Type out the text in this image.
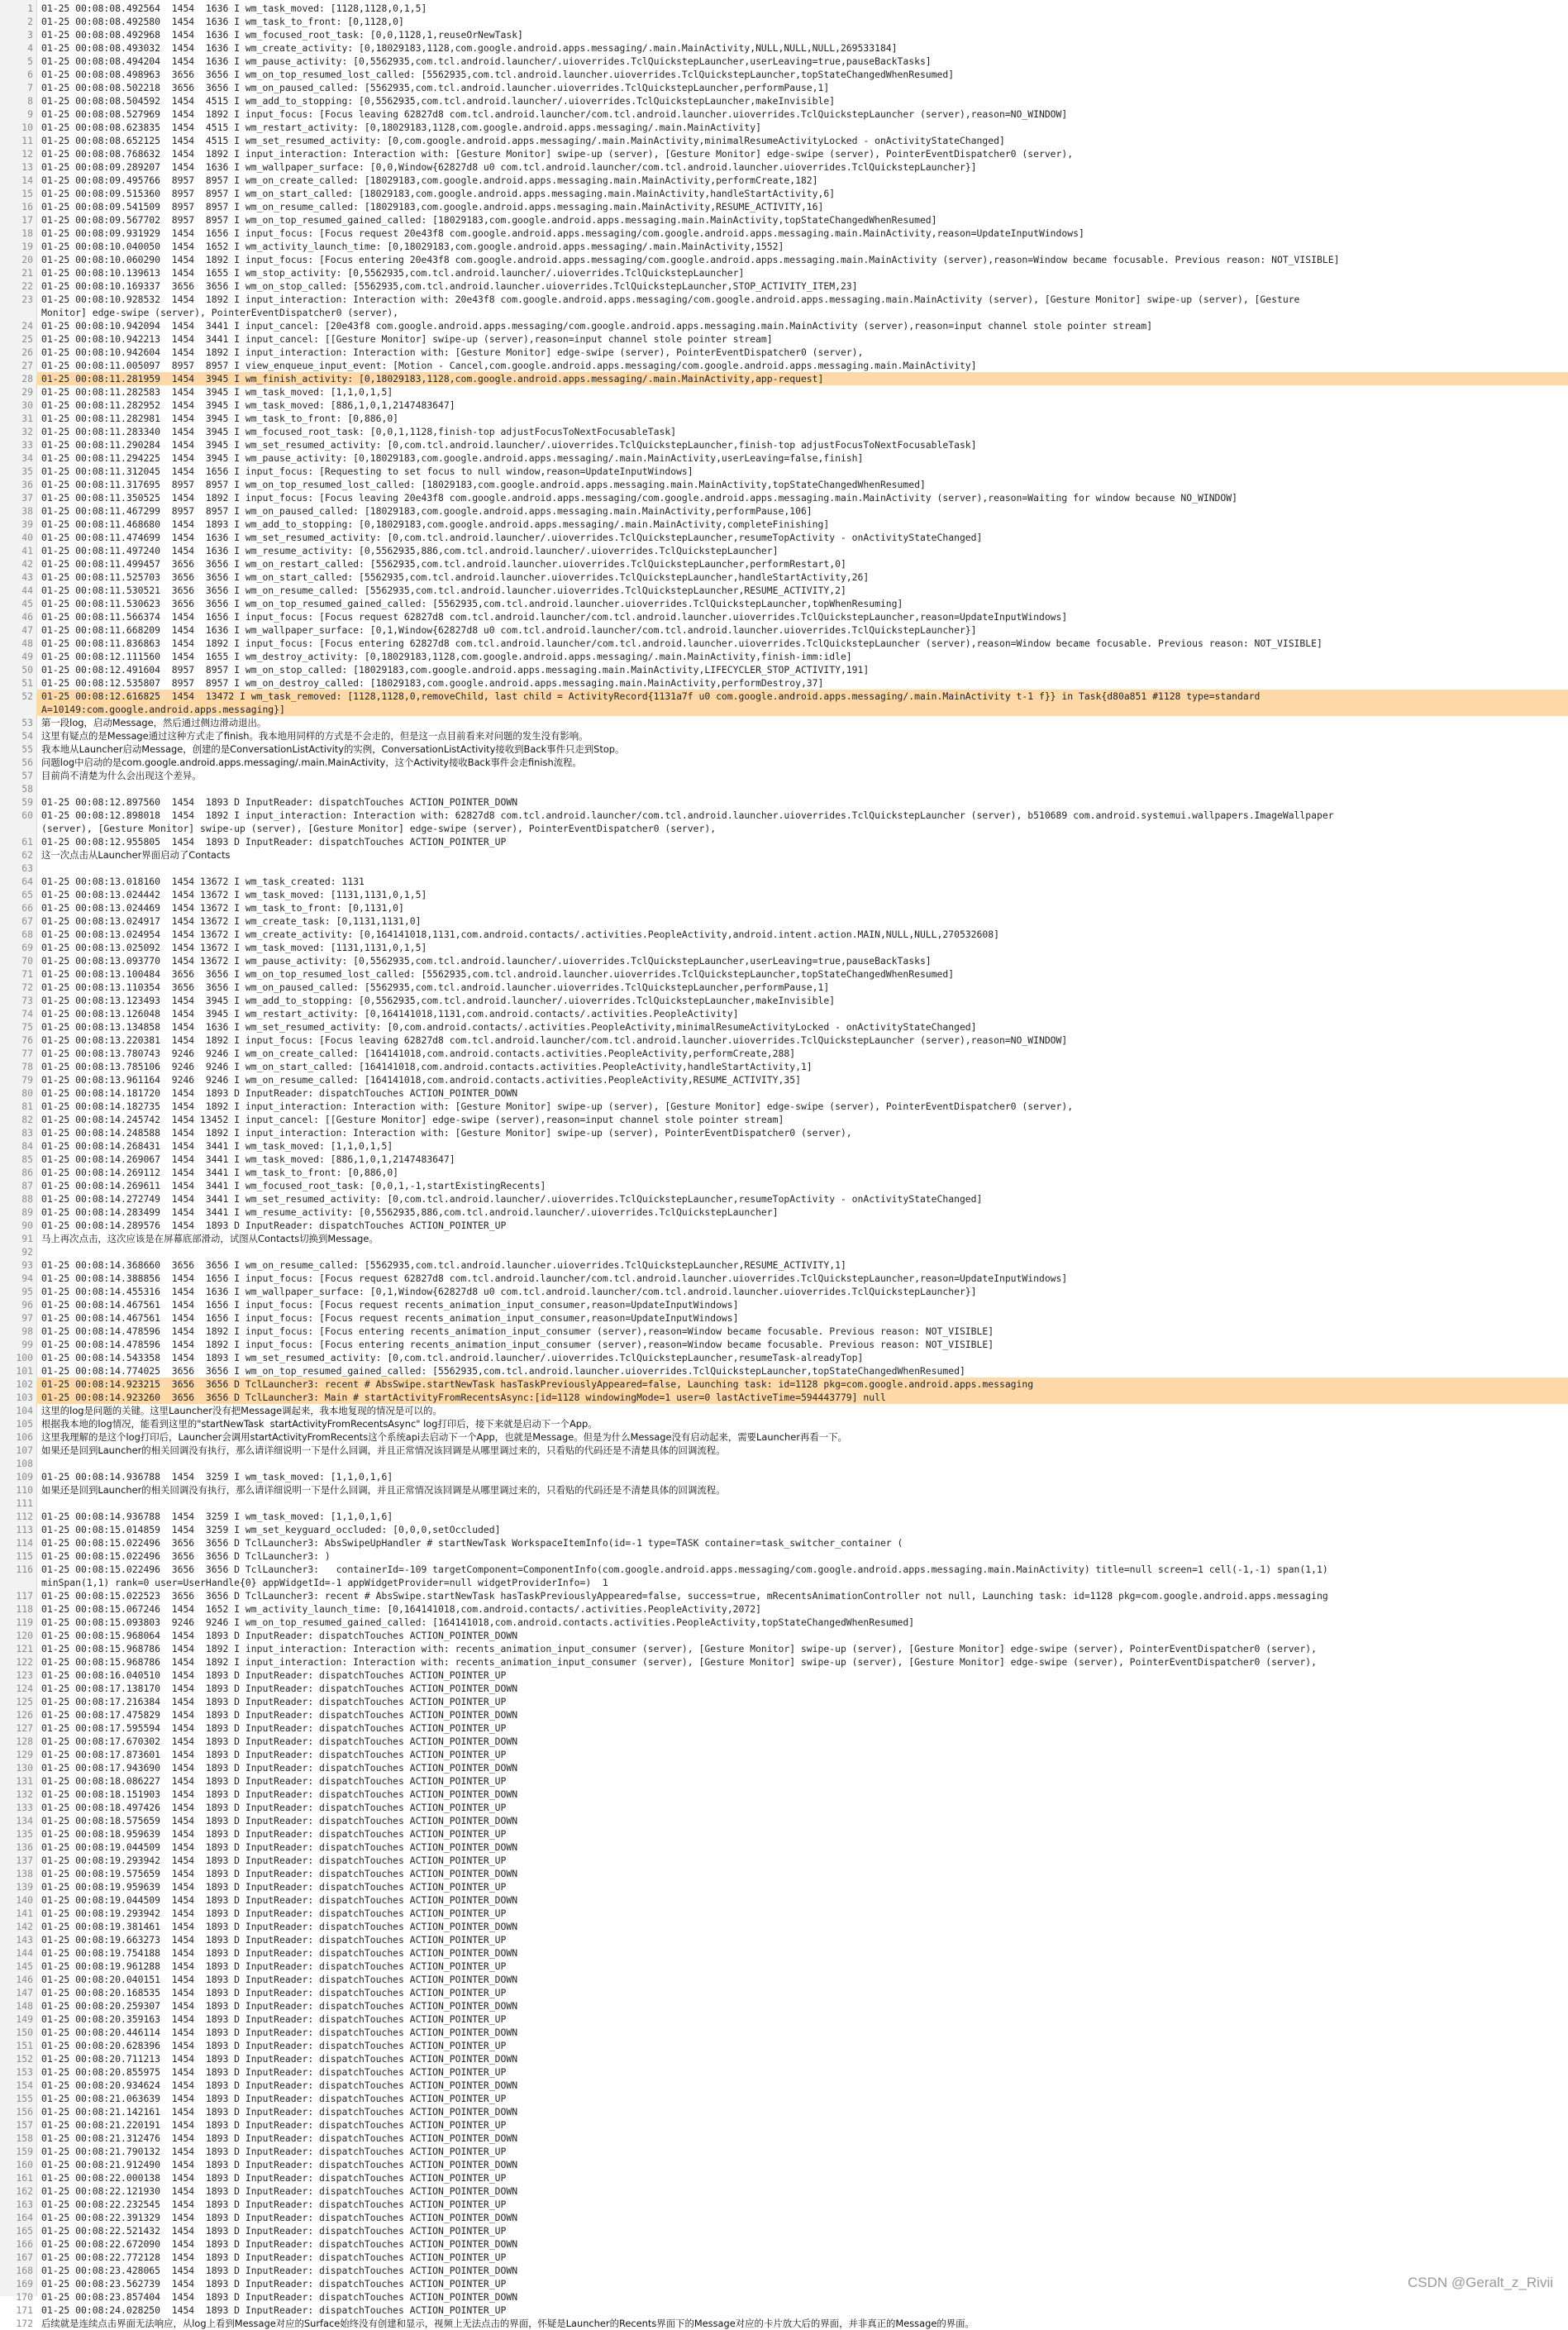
1 01-25 00:08:08.492564  1454  1636 I wm_task_moved: [1128,1128,0,1,5]
2 01-25 00:08:08.492580  1454  1636 I wm_task_to_front: [0,1128,0]
3 01-25 00:08:08.492968  1454  1636 I wm_focused_root_task: [0,0,1128,1,reuseOrNewTask]
4 01-25 00:08:08.493032  1454  1636 I wm_create_activity: [0,18029183,1128,com.google.android.apps.messaging/.main.MainActivity,NULL,NULL,NULL,269533184]
5 01-25 00:08:08.494204  1454  1636 I wm_pause_activity: [0,5562935,com.tcl.android.launcher/.uioverrides.TclQuickstepLauncher,userLeaving=true,pauseBackTasks]
6 01-25 00:08:08.498963  3656  3656 I wm_on_top_resumed_lost_called: [5562935,com.tcl.android.launcher.uioverrides.TclQuickstepLauncher,topStateChangedWhenResumed]
7 01-25 00:08:08.502218  3656  3656 I wm_on_paused_called: [5562935,com.tcl.android.launcher.uioverrides.TclQuickstepLauncher,performPause,1]
8 01-25 00:08:08.504592  1454  4515 I wm_add_to_stopping: [0,5562935,com.tcl.android.launcher/.uioverrides.TclQuickstepLauncher,makeInvisible]
9 01-25 00:08:08.527969  1454  1892 I input_focus: [Focus leaving 62827d8 com.tcl.android.launcher/com.tcl.android.launcher.uioverrides.TclQuickstepLauncher (server),reason=NO_WINDOW]
10 01-25 00:08:08.623835  1454  4515 I wm_restart_activity: [0,18029183,1128,com.google.android.apps.messaging/.main.MainActivity]
11 01-25 00:08:08.652125  1454  4515 I wm_set_resumed_activity: [0,com.google.android.apps.messaging/.main.MainActivity,minimalResumeActivityLocked - onActivityStateChanged]
12 01-25 00:08:08.768632  1454  1892 I input_interaction: Interaction with: [Gesture Monitor] swipe-up (server), [Gesture Monitor] edge-swipe (server), PointerEventDispatcher0 (server),
13 01-25 00:08:09.289207  1454  1636 I wm_wallpaper_surface: [0,0,Window{62827d8 u0 com.tcl.android.launcher/com.tcl.android.launcher.uioverrides.TclQuickstepLauncher}]
14 01-25 00:08:09.495766  8957  8957 I wm_on_create_called: [18029183,com.google.android.apps.messaging.main.MainActivity,performCreate,182]
15 01-25 00:08:09.515360  8957  8957 I wm_on_start_called: [18029183,com.google.android.apps.messaging.main.MainActivity,handleStartActivity,6]
16 01-25 00:08:09.541509  8957  8957 I wm_on_resume_called: [18029183,com.google.android.apps.messaging.main.MainActivity,RESUME_ACTIVITY,16]
17 01-25 00:08:09.567702  8957  8957 I wm_on_top_resumed_gained_called: [18029183,com.google.android.apps.messaging.main.MainActivity,topStateChangedWhenResumed]
18 01-25 00:08:09.931929  1454  1656 I input_focus: [Focus request 20e43f8 com.google.android.apps.messaging/com.google.android.apps.messaging.main.MainActivity,reason=UpdateInputWindows]
19 01-25 00:08:10.040050  1454  1652 I wm_activity_launch_time: [0,18029183,com.google.android.apps.messaging/.main.MainActivity,1552]
20 01-25 00:08:10.060290  1454  1892 I input_focus: [Focus entering 20e43f8 com.google.android.apps.messaging/com.google.android.apps.messaging.main.MainActivity (server),reason=Window became focusable. Previous reason: NOT_VISIBLE]
21 01-25 00:08:10.139613  1454  1655 I wm_stop_activity: [0,5562935,com.tcl.android.launcher/.uioverrides.TclQuickstepLauncher]
22 01-25 00:08:10.169337  3656  3656 I wm_on_stop_called: [5562935,com.tcl.android.launcher.uioverrides.TclQuickstepLauncher,STOP_ACTIVITY_ITEM,23]
23 01-25 00:08:10.928532  1454  1892 I input_interaction: Interaction with: 20e43f8 com.google.android.apps.messaging/com.google.android.apps.messaging.main.MainActivity (server), [Gesture Monitor] swipe-up (server), [Gesture
Monitor] edge-swipe (server), PointerEventDispatcher0 (server),
24 01-25 00:08:10.942094  1454  3441 I input_cancel: [20e43f8 com.google.android.apps.messaging/com.google.android.apps.messaging.main.MainActivity (server),reason=input channel stole pointer stream]
25 01-25 00:08:10.942213  1454  3441 I input_cancel: [[Gesture Monitor] swipe-up (server),reason=input channel stole pointer stream]
26 01-25 00:08:10.942604  1454  1892 I input_interaction: Interaction with: [Gesture Monitor] edge-swipe (server), PointerEventDispatcher0 (server),
27 01-25 00:08:11.005097  8957  8957 I view_enqueue_input_event: [Motion - Cancel,com.google.android.apps.messaging/com.google.android.apps.messaging.main.MainActivity]
28 01-25 00:08:11.281959  1454  3945 I wm_finish_activity: [0,18029183,1128,com.google.android.apps.messaging/.main.MainActivity,app-request]
29 01-25 00:08:11.282583  1454  3945 I wm_task_moved: [1,1,0,1,5]
30 01-25 00:08:11.282952  1454  3945 I wm_task_moved: [886,1,0,1,2147483647]
31 01-25 00:08:11.282981  1454  3945 I wm_task_to_front: [0,886,0]
32 01-25 00:08:11.283340  1454  3945 I wm_focused_root_task: [0,0,1,1128,finish-top adjustFocusToNextFocusableTask]
33 01-25 00:08:11.290284  1454  3945 I wm_set_resumed_activity: [0,com.tcl.android.launcher/.uioverrides.TclQuickstepLauncher,finish-top adjustFocusToNextFocusableTask]
34 01-25 00:08:11.294225  1454  3945 I wm_pause_activity: [0,18029183,com.google.android.apps.messaging/.main.MainActivity,userLeaving=false,finish]
35 01-25 00:08:11.312045  1454  1656 I input_focus: [Requesting to set focus to null window,reason=UpdateInputWindows]
36 01-25 00:08:11.317695  8957  8957 I wm_on_top_resumed_lost_called: [18029183,com.google.android.apps.messaging.main.MainActivity,topStateChangedWhenResumed]
37 01-25 00:08:11.350525  1454  1892 I input_focus: [Focus leaving 20e43f8 com.google.android.apps.messaging/com.google.android.apps.messaging.main.MainActivity (server),reason=Waiting for window because NO_WINDOW]
38 01-25 00:08:11.467299  8957  8957 I wm_on_paused_called: [18029183,com.google.android.apps.messaging.main.MainActivity,performPause,106]
39 01-25 00:08:11.468680  1454  1893 I wm_add_to_stopping: [0,18029183,com.google.android.apps.messaging/.main.MainActivity,completeFinishing]
40 01-25 00:08:11.474699  1454  1636 I wm_set_resumed_activity: [0,com.tcl.android.launcher/.uioverrides.TclQuickstepLauncher,resumeTopActivity - onActivityStateChanged]
41 01-25 00:08:11.497240  1454  1636 I wm_resume_activity: [0,5562935,886,com.tcl.android.launcher/.uioverrides.TclQuickstepLauncher]
42 01-25 00:08:11.499457  3656  3656 I wm_on_restart_called: [5562935,com.tcl.android.launcher.uioverrides.TclQuickstepLauncher,performRestart,0]
43 01-25 00:08:11.525703  3656  3656 I wm_on_start_called: [5562935,com.tcl.android.launcher.uioverrides.TclQuickstepLauncher,handleStartActivity,26]
44 01-25 00:08:11.530521  3656  3656 I wm_on_resume_called: [5562935,com.tcl.android.launcher.uioverrides.TclQuickstepLauncher,RESUME_ACTIVITY,2]
45 01-25 00:08:11.530623  3656  3656 I wm_on_top_resumed_gained_called: [5562935,com.tcl.android.launcher.uioverrides.TclQuickstepLauncher,topWhenResuming]
46 01-25 00:08:11.566374  1454  1656 I input_focus: [Focus request 62827d8 com.tcl.android.launcher/com.tcl.android.launcher.uioverrides.TclQuickstepLauncher,reason=UpdateInputWindows]
47 01-25 00:08:11.668209  1454  1636 I wm_wallpaper_surface: [0,1,Window{62827d8 u0 com.tcl.android.launcher/com.tcl.android.launcher.uioverrides.TclQuickstepLauncher}]
48 01-25 00:08:11.836863  1454  1892 I input_focus: [Focus entering 62827d8 com.tcl.android.launcher/com.tcl.android.launcher.uioverrides.TclQuickstepLauncher (server),reason=Window became focusable. Previous reason: NOT_VISIBLE]
49 01-25 00:08:12.111560  1454  1655 I wm_destroy_activity: [0,18029183,1128,com.google.android.apps.messaging/.main.MainActivity,finish-imm:idle]
50 01-25 00:08:12.491604  8957  8957 I wm_on_stop_called: [18029183,com.google.android.apps.messaging.main.MainActivity,LIFECYCLER_STOP_ACTIVITY,191]
51 01-25 00:08:12.535807  8957  8957 I wm_on_destroy_called: [18029183,com.google.android.apps.messaging.main.MainActivity,performDestroy,37]
52 01-25 00:08:12.616825  1454  13472 I wm_task_removed: [1128,1128,0,removeChild, last child = ActivityRecord{1131a7f u0 com.google.android.apps.messaging/.main.MainActivity t-1 f}} in Task{d80a851 #1128 type=standard
A=10149:com.google.android.apps.messaging}]
53 第一段log，启动Message，然后通过侧边滑动退出。
54 这里有疑点的是Message通过这种方式走了finish。我本地用同样的方式是不会走的，但是这一点目前看来对问题的发生没有影响。
55 我本地从Launcher启动Message，创建的是ConversationListActivity的实例，ConversationListActivity接收到Back事件只走到Stop。
56 问题log中启动的是com.google.android.apps.messaging/.main.MainActivity，这个Activity接收Back事件会走finish流程。
57 目前尚不清楚为什么会出现这个差异。
58
59 01-25 00:08:12.897560  1454  1893 D InputReader: dispatchTouches ACTION_POINTER_DOWN
60 01-25 00:08:12.898018  1454  1892 I input_interaction: Interaction with: 62827d8 com.tcl.android.launcher/com.tcl.android.launcher.uioverrides.TclQuickstepLauncher (server), b510689 com.android.systemui.wallpapers.ImageWallpaper
(server), [Gesture Monitor] swipe-up (server), [Gesture Monitor] edge-swipe (server), PointerEventDispatcher0 (server),
61 01-25 00:08:12.955805  1454  1893 D InputReader: dispatchTouches ACTION_POINTER_UP
62 这一次点击从Launcher界面启动了Contacts
63
64 01-25 00:08:13.018160  1454 13672 I wm_task_created: 1131
65 01-25 00:08:13.024442  1454 13672 I wm_task_moved: [1131,1131,0,1,5]
66 01-25 00:08:13.024469  1454 13672 I wm_task_to_front: [0,1131,0]
67 01-25 00:08:13.024917  1454 13672 I wm_create_task: [0,1131,1131,0]
68 01-25 00:08:13.024954  1454 13672 I wm_create_activity: [0,164141018,1131,com.android.contacts/.activities.PeopleActivity,android.intent.action.MAIN,NULL,NULL,270532608]
69 01-25 00:08:13.025092  1454 13672 I wm_task_moved: [1131,1131,0,1,5]
70 01-25 00:08:13.093770  1454 13672 I wm_pause_activity: [0,5562935,com.tcl.android.launcher/.uioverrides.TclQuickstepLauncher,userLeaving=true,pauseBackTasks]
71 01-25 00:08:13.100484  3656  3656 I wm_on_top_resumed_lost_called: [5562935,com.tcl.android.launcher.uioverrides.TclQuickstepLauncher,topStateChangedWhenResumed]
72 01-25 00:08:13.110354  3656  3656 I wm_on_paused_called: [5562935,com.tcl.android.launcher.uioverrides.TclQuickstepLauncher,performPause,1]
73 01-25 00:08:13.123493  1454  3945 I wm_add_to_stopping: [0,5562935,com.tcl.android.launcher/.uioverrides.TclQuickstepLauncher,makeInvisible]
74 01-25 00:08:13.126048  1454  3945 I wm_restart_activity: [0,164141018,1131,com.android.contacts/.activities.PeopleActivity]
75 01-25 00:08:13.134858  1454  1636 I wm_set_resumed_activity: [0,com.android.contacts/.activities.PeopleActivity,minimalResumeActivityLocked - onActivityStateChanged]
76 01-25 00:08:13.220381  1454  1892 I input_focus: [Focus leaving 62827d8 com.tcl.android.launcher/com.tcl.android.launcher.uioverrides.TclQuickstepLauncher (server),reason=NO_WINDOW]
77 01-25 00:08:13.780743  9246  9246 I wm_on_create_called: [164141018,com.android.contacts.activities.PeopleActivity,performCreate,288]
78 01-25 00:08:13.785106  9246  9246 I wm_on_start_called: [164141018,com.android.contacts.activities.PeopleActivity,handleStartActivity,1]
79 01-25 00:08:13.961164  9246  9246 I wm_on_resume_called: [164141018,com.android.contacts.activities.PeopleActivity,RESUME_ACTIVITY,35]
80 01-25 00:08:14.181720  1454  1893 D InputReader: dispatchTouches ACTION_POINTER_DOWN
81 01-25 00:08:14.182735  1454  1892 I input_interaction: Interaction with: [Gesture Monitor] swipe-up (server), [Gesture Monitor] edge-swipe (server), PointerEventDispatcher0 (server),
82 01-25 00:08:14.245742  1454 13452 I input_cancel: [[Gesture Monitor] edge-swipe (server),reason=input channel stole pointer stream]
83 01-25 00:08:14.248588  1454  1892 I input_interaction: Interaction with: [Gesture Monitor] swipe-up (server), PointerEventDispatcher0 (server),
84 01-25 00:08:14.268431  1454  3441 I wm_task_moved: [1,1,0,1,5]
85 01-25 00:08:14.269067  1454  3441 I wm_task_moved: [886,1,0,1,2147483647]
86 01-25 00:08:14.269112  1454  3441 I wm_task_to_front: [0,886,0]
87 01-25 00:08:14.269611  1454  3441 I wm_focused_root_task: [0,0,1,-1,startExistingRecents]
88 01-25 00:08:14.272749  1454  3441 I wm_set_resumed_activity: [0,com.tcl.android.launcher/.uioverrides.TclQuickstepLauncher,resumeTopActivity - onActivityStateChanged]
89 01-25 00:08:14.283499  1454  3441 I wm_resume_activity: [0,5562935,886,com.tcl.android.launcher/.uioverrides.TclQuickstepLauncher]
90 01-25 00:08:14.289576  1454  1893 D InputReader: dispatchTouches ACTION_POINTER_UP
91 马上再次点击，这次应该是在屏幕底部滑动，试图从Contacts切换到Message。
92
93 01-25 00:08:14.368660  3656  3656 I wm_on_resume_called: [5562935,com.tcl.android.launcher.uioverrides.TclQuickstepLauncher,RESUME_ACTIVITY,1]
94 01-25 00:08:14.388856  1454  1656 I input_focus: [Focus request 62827d8 com.tcl.android.launcher/com.tcl.android.launcher.uioverrides.TclQuickstepLauncher,reason=UpdateInputWindows]
95 01-25 00:08:14.455316  1454  1636 I wm_wallpaper_surface: [0,1,Window{62827d8 u0 com.tcl.android.launcher/com.tcl.android.launcher.uioverrides.TclQuickstepLauncher}]
96 01-25 00:08:14.467561  1454  1656 I input_focus: [Focus request recents_animation_input_consumer,reason=UpdateInputWindows]
97 01-25 00:08:14.467561  1454  1656 I input_focus: [Focus request recents_animation_input_consumer,reason=UpdateInputWindows]
98 01-25 00:08:14.478596  1454  1892 I input_focus: [Focus entering recents_animation_input_consumer (server),reason=Window became focusable. Previous reason: NOT_VISIBLE]
99 01-25 00:08:14.478596  1454  1892 I input_focus: [Focus entering recents_animation_input_consumer (server),reason=Window became focusable. Previous reason: NOT_VISIBLE]
100 01-25 00:08:14.543358  1454  1893 I wm_set_resumed_activity: [0,com.tcl.android.launcher/.uioverrides.TclQuickstepLauncher,resumeTask-alreadyTop]
101 01-25 00:08:14.774025  3656  3656 I wm_on_top_resumed_gained_called: [5562935,com.tcl.android.launcher.uioverrides.TclQuickstepLauncher,topStateChangedWhenResumed]
102 01-25 00:08:14.923215  3656  3656 D TclLauncher3: recent # AbsSwipe.startNewTask hasTaskPreviouslyAppeared=false, Launching task: id=1128 pkg=com.google.android.apps.messaging
103 01-25 00:08:14.923260  3656  3656 D TclLauncher3: Main # startActivityFromRecentsAsync:[id=1128 windowingMode=1 user=0 lastActiveTime=594443779] null
104 这里的log是问题的关键。这里Launcher没有把Message调起来，我本地复现的情况是可以的。
105 根据我本地的log情况，能看到这里的"startNewTask  startActivityFromRecentsAsync" log打印后，接下来就是启动下一个App。
106 这里我理解的是这个log打印后，Launcher会调用startActivityFromRecents这个系统api去启动下一个App，也就是Message。但是为什么Message没有启动起来，需要Launcher再看一下。
107 如果还是回到Launcher的相关回调没有执行，那么请详细说明一下是什么回调，并且正常情况该回调是从哪里调过来的，只看贴的代码还是不清楚具体的回调流程。
108
109 01-25 00:08:14.936788  1454  3259 I wm_task_moved: [1,1,0,1,6]
110 如果还是回到Launcher的相关回调没有执行，那么请详细说明一下是什么回调，并且正常情况该回调是从哪里调过来的，只看贴的代码还是不清楚具体的回调流程。
111
112 01-25 00:08:14.936788  1454  3259 I wm_task_moved: [1,1,0,1,6]
113 01-25 00:08:15.014859  1454  3259 I wm_set_keyguard_occluded: [0,0,0,setOccluded]
114 01-25 00:08:15.022496  3656  3656 D TclLauncher3: AbsSwipeUpHandler # startNewTask WorkspaceItemInfo(id=-1 type=TASK container=task_switcher_container (
115 01-25 00:08:15.022496  3656  3656 D TclLauncher3: )
116 01-25 00:08:15.022496  3656  3656 D TclLauncher3:   containerId=-109 targetComponent=ComponentInfo(com.google.android.apps.messaging/com.google.android.apps.messaging.main.MainActivity) title=null screen=1 cell(-1,-1) span(1,1)
minSpan(1,1) rank=0 user=UserHandle{0} appWidgetId=-1 appWidgetProvider=null widgetProviderInfo=)  1
117 01-25 00:08:15.022523  3656  3656 D TclLauncher3: recent # AbsSwipe.startNewTask hasTaskPreviouslyAppeared=false, success=true, mRecentsAnimationController not null, Launching task: id=1128 pkg=com.google.android.apps.messaging
118 01-25 00:08:15.067246  1454  1652 I wm_activity_launch_time: [0,164141018,com.android.contacts/.activities.PeopleActivity,2072]
119 01-25 00:08:15.093803  9246  9246 I wm_on_top_resumed_gained_called: [164141018,com.android.contacts.activities.PeopleActivity,topStateChangedWhenResumed]
120 01-25 00:08:15.968064  1454  1893 D InputReader: dispatchTouches ACTION_POINTER_DOWN
121 01-25 00:08:15.968786  1454  1892 I input_interaction: Interaction with: recents_animation_input_consumer (server), [Gesture Monitor] swipe-up (server), [Gesture Monitor] edge-swipe (server), PointerEventDispatcher0 (server),
122 01-25 00:08:15.968786  1454  1892 I input_interaction: Interaction with: recents_animation_input_consumer (server), [Gesture Monitor] swipe-up (server), [Gesture Monitor] edge-swipe (server), PointerEventDispatcher0 (server),
123 01-25 00:08:16.040510  1454  1893 D InputReader: dispatchTouches ACTION_POINTER_UP
124 01-25 00:08:17.138170  1454  1893 D InputReader: dispatchTouches ACTION_POINTER_DOWN
125 01-25 00:08:17.216384  1454  1893 D InputReader: dispatchTouches ACTION_POINTER_UP
126 01-25 00:08:17.475829  1454  1893 D InputReader: dispatchTouches ACTION_POINTER_DOWN
127 01-25 00:08:17.595594  1454  1893 D InputReader: dispatchTouches ACTION_POINTER_UP
128 01-25 00:08:17.670302  1454  1893 D InputReader: dispatchTouches ACTION_POINTER_DOWN
129 01-25 00:08:17.873601  1454  1893 D InputReader: dispatchTouches ACTION_POINTER_UP
130 01-25 00:08:17.943690  1454  1893 D InputReader: dispatchTouches ACTION_POINTER_DOWN
131 01-25 00:08:18.086227  1454  1893 D InputReader: dispatchTouches ACTION_POINTER_UP
132 01-25 00:08:18.151903  1454  1893 D InputReader: dispatchTouches ACTION_POINTER_DOWN
133 01-25 00:08:18.497426  1454  1893 D InputReader: dispatchTouches ACTION_POINTER_UP
134 01-25 00:08:18.575659  1454  1893 D InputReader: dispatchTouches ACTION_POINTER_DOWN
135 01-25 00:08:18.959639  1454  1893 D InputReader: dispatchTouches ACTION_POINTER_UP
136 01-25 00:08:19.044509  1454  1893 D InputReader: dispatchTouches ACTION_POINTER_DOWN
137 01-25 00:08:19.293942  1454  1893 D InputReader: dispatchTouches ACTION_POINTER_UP
138 01-25 00:08:19.575659  1454  1893 D InputReader: dispatchTouches ACTION_POINTER_DOWN
139 01-25 00:08:19.959639  1454  1893 D InputReader: dispatchTouches ACTION_POINTER_UP
140 01-25 00:08:19.044509  1454  1893 D InputReader: dispatchTouches ACTION_POINTER_DOWN
141 01-25 00:08:19.293942  1454  1893 D InputReader: dispatchTouches ACTION_POINTER_UP
142 01-25 00:08:19.381461  1454  1893 D InputReader: dispatchTouches ACTION_POINTER_DOWN
143 01-25 00:08:19.663273  1454  1893 D InputReader: dispatchTouches ACTION_POINTER_UP
144 01-25 00:08:19.754188  1454  1893 D InputReader: dispatchTouches ACTION_POINTER_DOWN
145 01-25 00:08:19.961288  1454  1893 D InputReader: dispatchTouches ACTION_POINTER_UP
146 01-25 00:08:20.040151  1454  1893 D InputReader: dispatchTouches ACTION_POINTER_DOWN
147 01-25 00:08:20.168535  1454  1893 D InputReader: dispatchTouches ACTION_POINTER_UP
148 01-25 00:08:20.259307  1454  1893 D InputReader: dispatchTouches ACTION_POINTER_DOWN
149 01-25 00:08:20.359163  1454  1893 D InputReader: dispatchTouches ACTION_POINTER_UP
150 01-25 00:08:20.446114  1454  1893 D InputReader: dispatchTouches ACTION_POINTER_DOWN
151 01-25 00:08:20.628396  1454  1893 D InputReader: dispatchTouches ACTION_POINTER_UP
152 01-25 00:08:20.711213  1454  1893 D InputReader: dispatchTouches ACTION_POINTER_DOWN
153 01-25 00:08:20.855975  1454  1893 D InputReader: dispatchTouches ACTION_POINTER_UP
154 01-25 00:08:20.934624  1454  1893 D InputReader: dispatchTouches ACTION_POINTER_DOWN
155 01-25 00:08:21.063639  1454  1893 D InputReader: dispatchTouches ACTION_POINTER_UP
156 01-25 00:08:21.142161  1454  1893 D InputReader: dispatchTouches ACTION_POINTER_DOWN
157 01-25 00:08:21.220191  1454  1893 D InputReader: dispatchTouches ACTION_POINTER_UP
158 01-25 00:08:21.312476  1454  1893 D InputReader: dispatchTouches ACTION_POINTER_DOWN
159 01-25 00:08:21.790132  1454  1893 D InputReader: dispatchTouches ACTION_POINTER_UP
160 01-25 00:08:21.912490  1454  1893 D InputReader: dispatchTouches ACTION_POINTER_DOWN
161 01-25 00:08:22.000138  1454  1893 D InputReader: dispatchTouches ACTION_POINTER_UP
162 01-25 00:08:22.121930  1454  1893 D InputReader: dispatchTouches ACTION_POINTER_DOWN
163 01-25 00:08:22.232545  1454  1893 D InputReader: dispatchTouches ACTION_POINTER_UP
164 01-25 00:08:22.391329  1454  1893 D InputReader: dispatchTouches ACTION_POINTER_DOWN
165 01-25 00:08:22.521432  1454  1893 D InputReader: dispatchTouches ACTION_POINTER_UP
166 01-25 00:08:22.672090  1454  1893 D InputReader: dispatchTouches ACTION_POINTER_DOWN
167 01-25 00:08:22.772128  1454  1893 D InputReader: dispatchTouches ACTION_POINTER_UP
168 01-25 00:08:23.428065  1454  1893 D InputReader: dispatchTouches ACTION_POINTER_DOWN
169 01-25 00:08:23.562739  1454  1893 D InputReader: dispatchTouches ACTION_POINTER_UP
170 01-25 00:08:23.857404  1454  1893 D InputReader: dispatchTouches ACTION_POINTER_DOWN
171 01-25 00:08:24.028250  1454  1893 D InputReader: dispatchTouches ACTION_POINTER_UP
172 后续就是连续点击界面无法响应，从log上看到Message对应的Surface始终没有创建和显示，视频上无法点击的界面，怀疑是Launcher的Recents界面下的Message对应的卡片放大后的界面，并非真正的Message的界面。
CSDN @Geralt_z_Rivii
